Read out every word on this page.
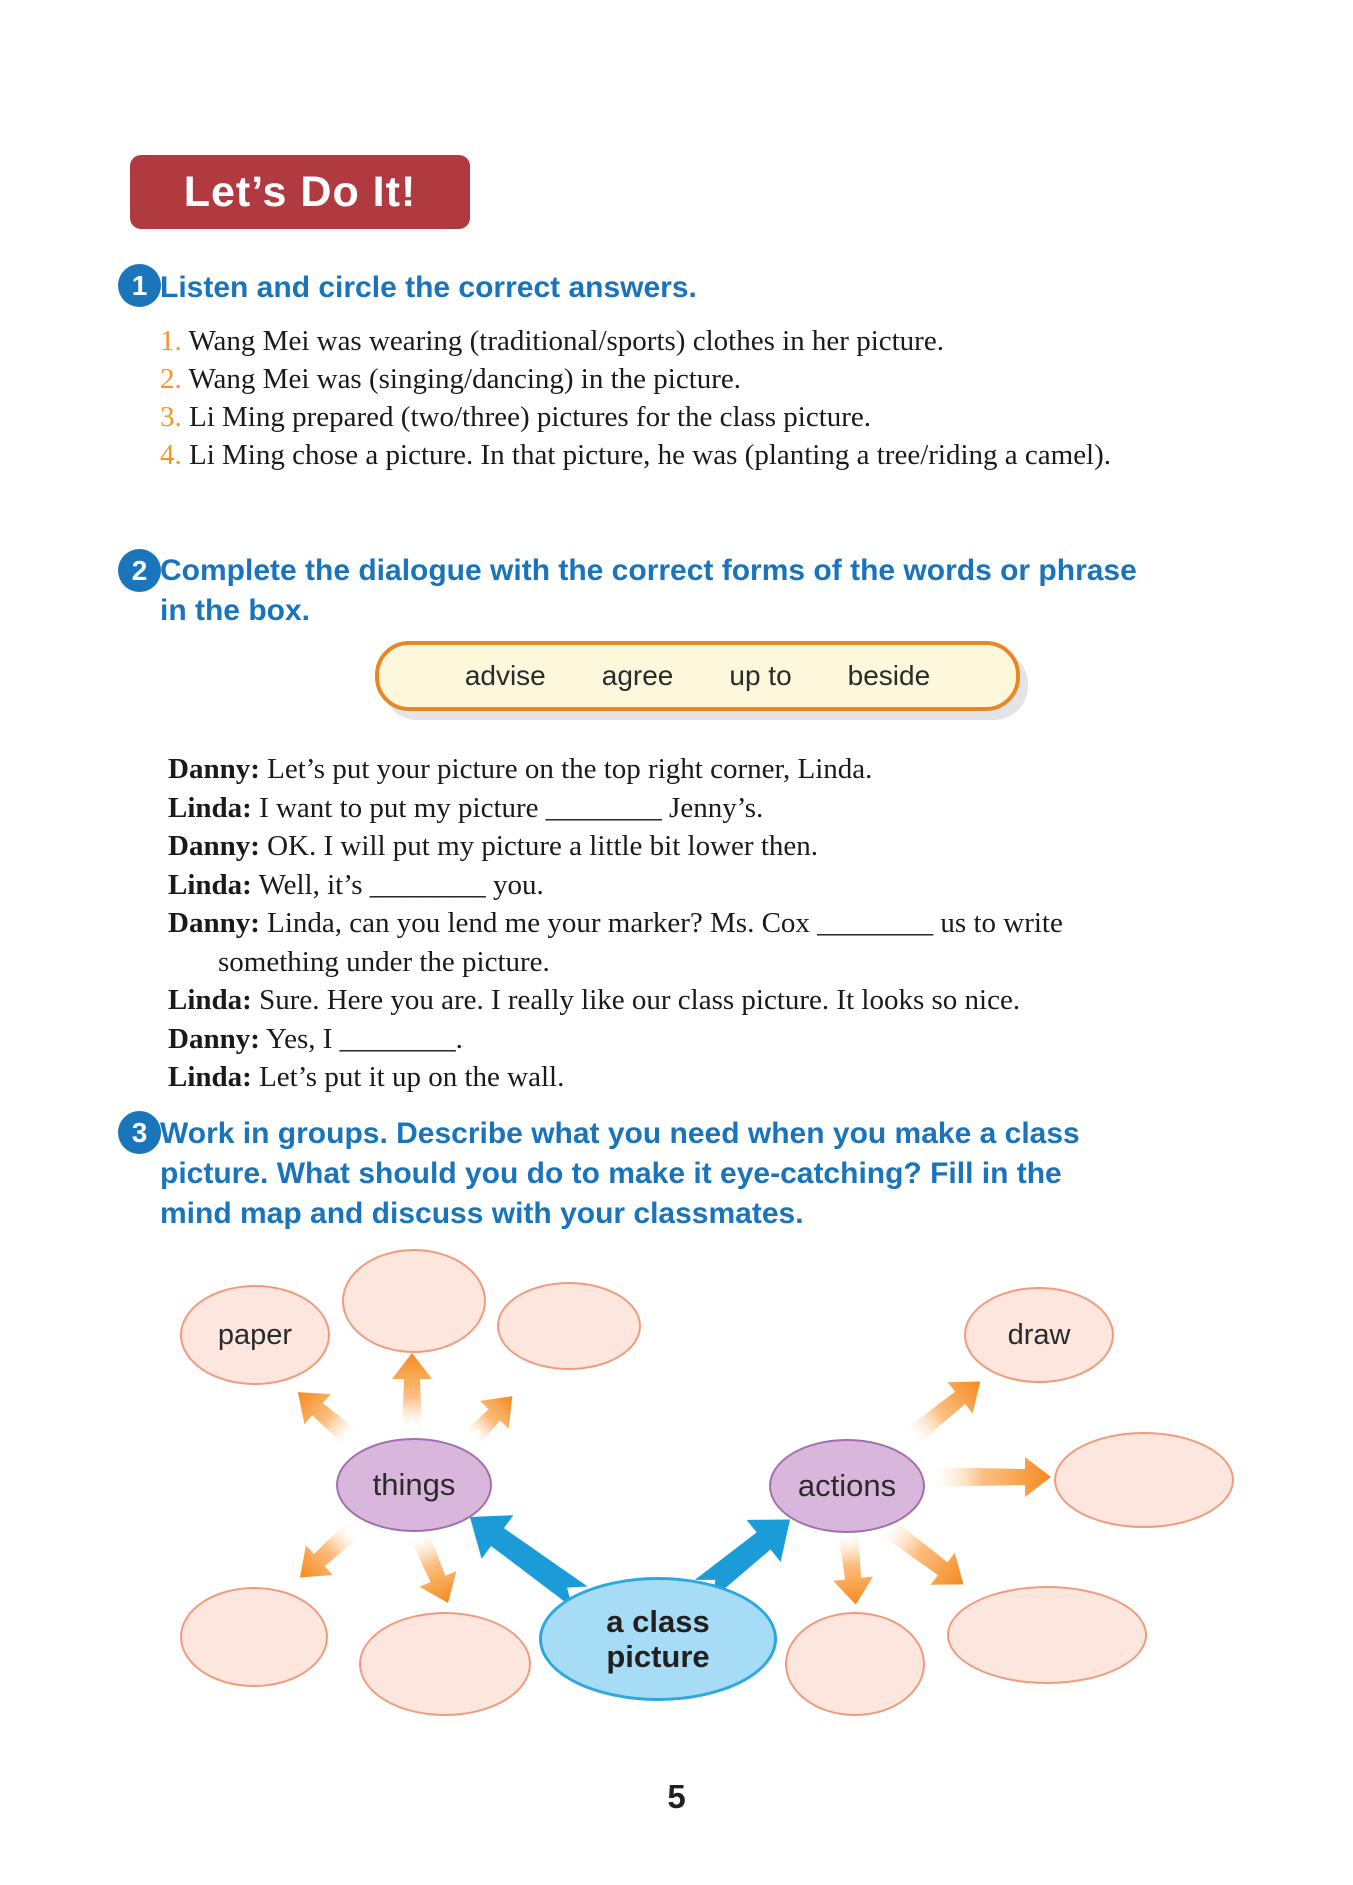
Let’s Do It!
1 Listen and circle the correct answers.
1. Wang Mei was wearing (traditional/sports) clothes in her picture.
2. Wang Mei was (singing/dancing) in the picture.
3. Li Ming prepared (two/three) pictures for the class picture.
4. Li Ming chose a picture. In that picture, he was (planting a tree/riding a camel).
2 Complete the dialogue with the correct forms of the words or phrase
in the box.
advise agree up to beside

Danny: Let’s put your picture on the top right corner, Linda.

Linda: I want to put my picture ________ Jenny’s.

Danny: OK. I will put my picture a little bit lower then.

Linda: Well, it’s ________ you.

Danny: Linda, can you lend me your marker? Ms. Cox ________ us to write something under the picture.

Linda: Sure. Here you are. I really like our class picture. It looks so nice.

Danny: Yes, I ________.

Linda: Let’s put it up on the wall.

3 Work in groups. Describe what you need when you make a class
picture. What should you do to make it eye-catching? Fill in the
mind map and discuss with your classmates.
paper	draw
things	actions
a class picture
5
